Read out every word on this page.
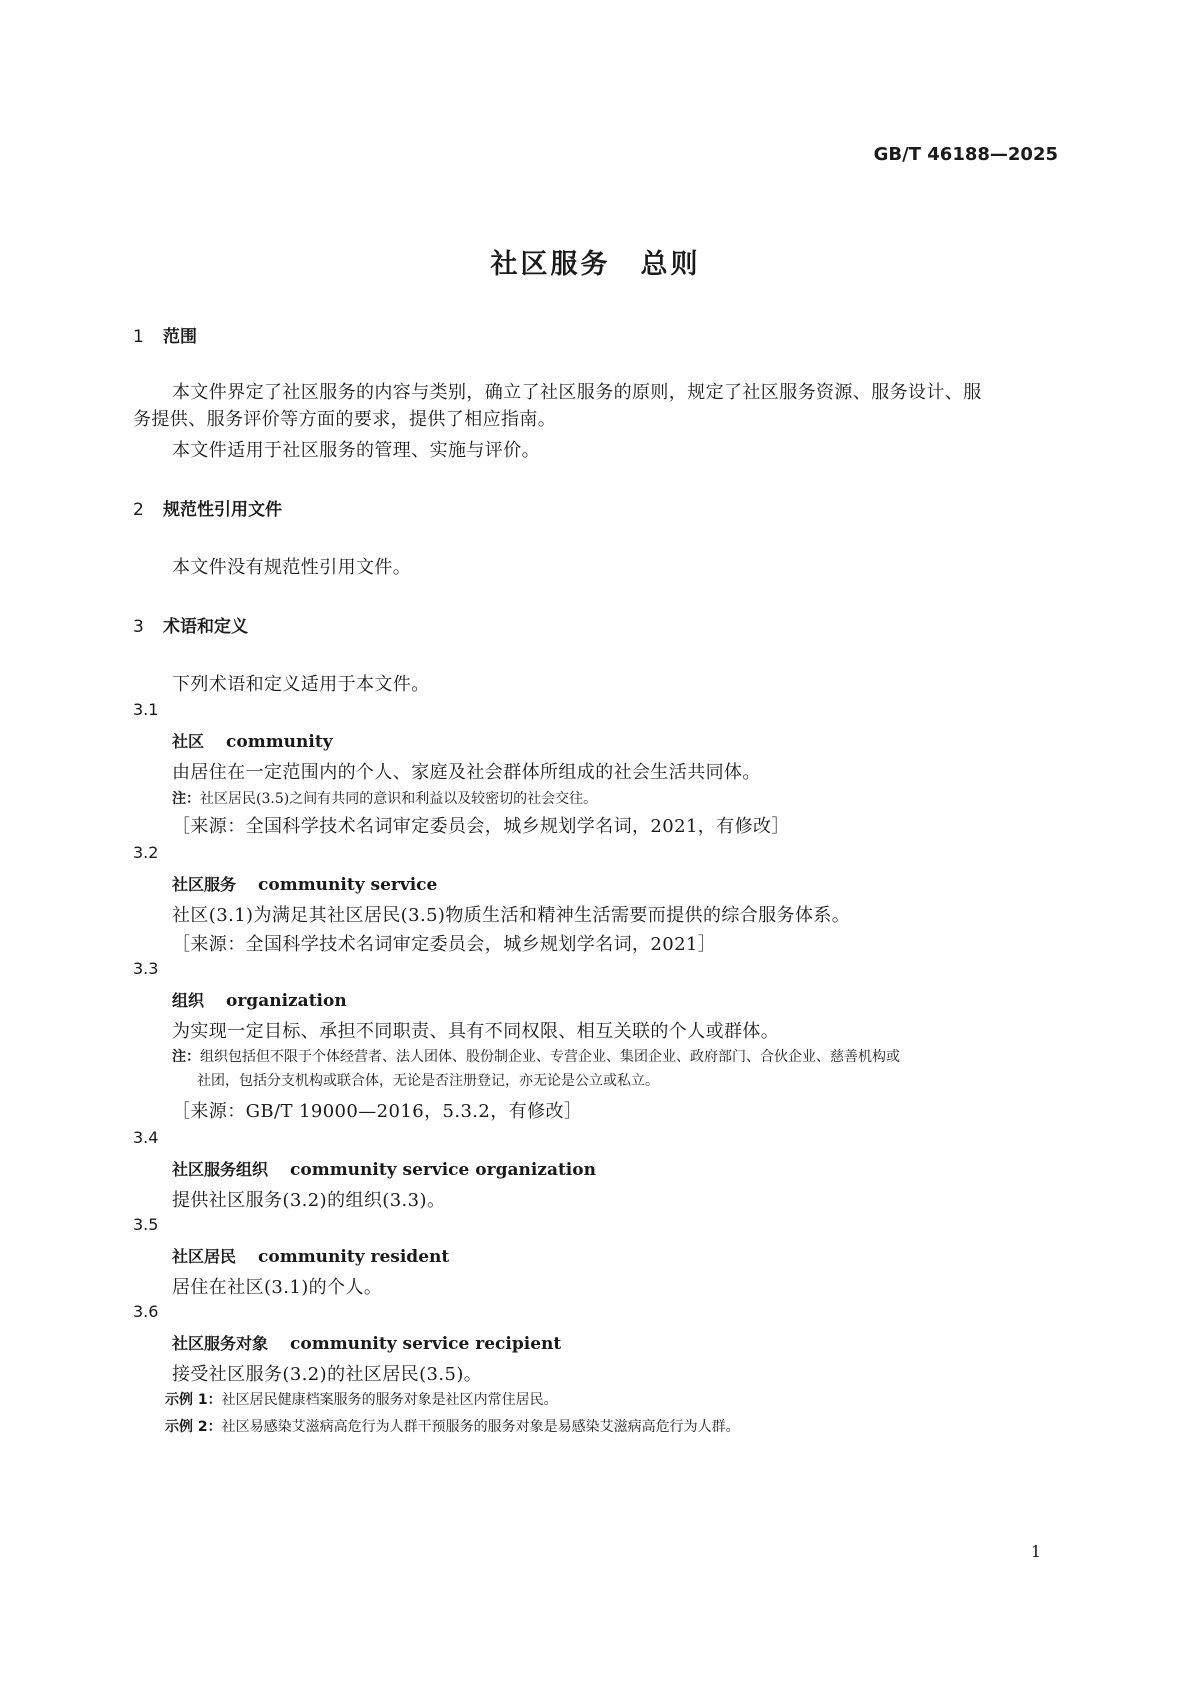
GB/T 46188—2025
社区服务　总则
1 范围
本文件界定了社区服务的内容与类别，确立了社区服务的原则，规定了社区服务资源、服务设计、服
务提供、服务评价等方面的要求，提供了相应指南。
本文件适用于社区服务的管理、实施与评价。
2 规范性引用文件
本文件没有规范性引用文件。
3 术语和定义
下列术语和定义适用于本文件。
3.1
社区 community
由居住在一定范围内的个人、家庭及社会群体所组成的社会生活共同体。
注：社区居民(3.5)之间有共同的意识和利益以及较密切的社会交往。
［来源：全国科学技术名词审定委员会，城乡规划学名词，2021，有修改］
3.2
社区服务 community service
社区(3.1)为满足其社区居民(3.5)物质生活和精神生活需要而提供的综合服务体系。
［来源：全国科学技术名词审定委员会，城乡规划学名词，2021］
3.3
组织 organization
为实现一定目标、承担不同职责、具有不同权限、相互关联的个人或群体。
注：组织包括但不限于个体经营者、法人团体、股份制企业、专营企业、集团企业、政府部门、合伙企业、慈善机构或
社团，包括分支机构或联合体，无论是否注册登记，亦无论是公立或私立。
［来源：GB/T 19000—2016，5.3.2，有修改］
3.4
社区服务组织 community service organization
提供社区服务(3.2)的组织(3.3)。
3.5
社区居民 community resident
居住在社区(3.1)的个人。
3.6
社区服务对象 community service recipient
接受社区服务(3.2)的社区居民(3.5)。
示例 1：社区居民健康档案服务的服务对象是社区内常住居民。
示例 2：社区易感染艾滋病高危行为人群干预服务的服务对象是易感染艾滋病高危行为人群。
1
